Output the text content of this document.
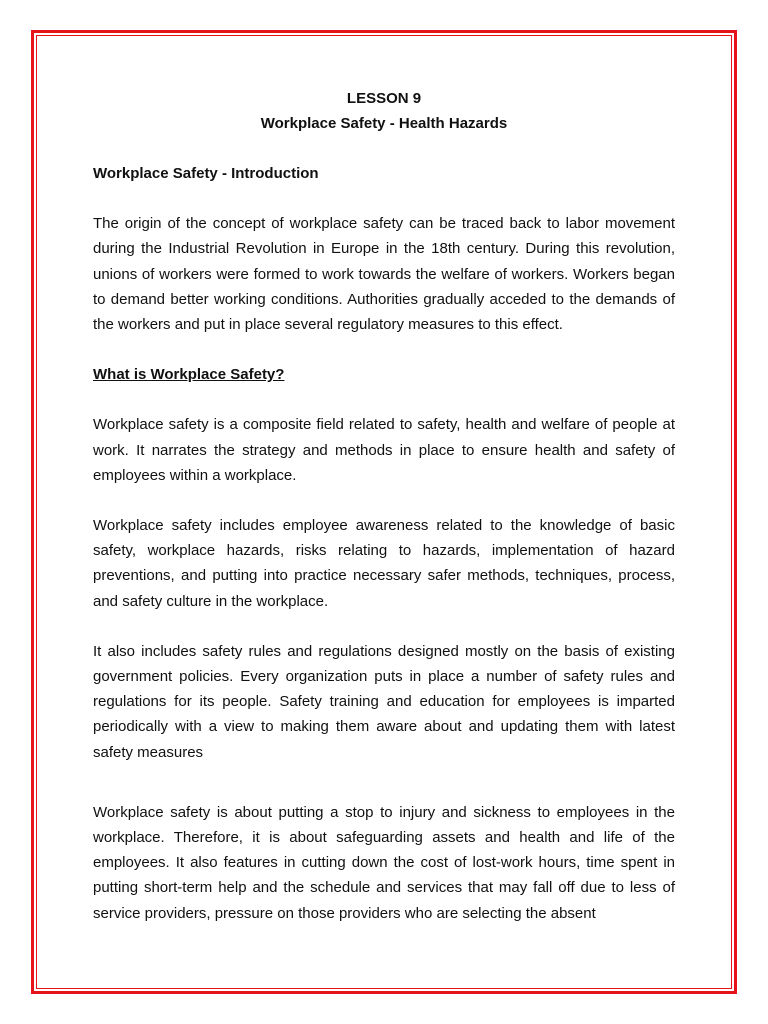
LESSON 9
Workplace Safety - Health Hazards
Workplace Safety - Introduction

The origin of the concept of workplace safety can be traced back to labor movement during the Industrial Revolution in Europe in the 18th century. During this revolution, unions of workers were formed to work towards the welfare of workers. Workers began to demand better working conditions. Authorities gradually acceded to the demands of the workers and put in place several regulatory measures to this effect.

What is Workplace Safety?

Workplace safety is a composite field related to safety, health and welfare of people at work. It narrates the strategy and methods in place to ensure health and safety of employees within a workplace.

Workplace safety includes employee awareness related to the knowledge of basic safety, workplace hazards, risks relating to hazards, implementation of hazard preventions, and putting into practice necessary safer methods, techniques, process, and safety culture in the workplace.

It also includes safety rules and regulations designed mostly on the basis of existing government policies. Every organization puts in place a number of safety rules and regulations for its people. Safety training and education for employees is imparted periodically with a view to making them aware about and updating them with latest safety measures

Workplace safety is about putting a stop to injury and sickness to employees in the workplace. Therefore, it is about safeguarding assets and health and life of the employees. It also features in cutting down the cost of lost-work hours, time spent in putting short-term help and the schedule and services that may fall off due to less of service providers, pressure on those providers who are selecting the absent
